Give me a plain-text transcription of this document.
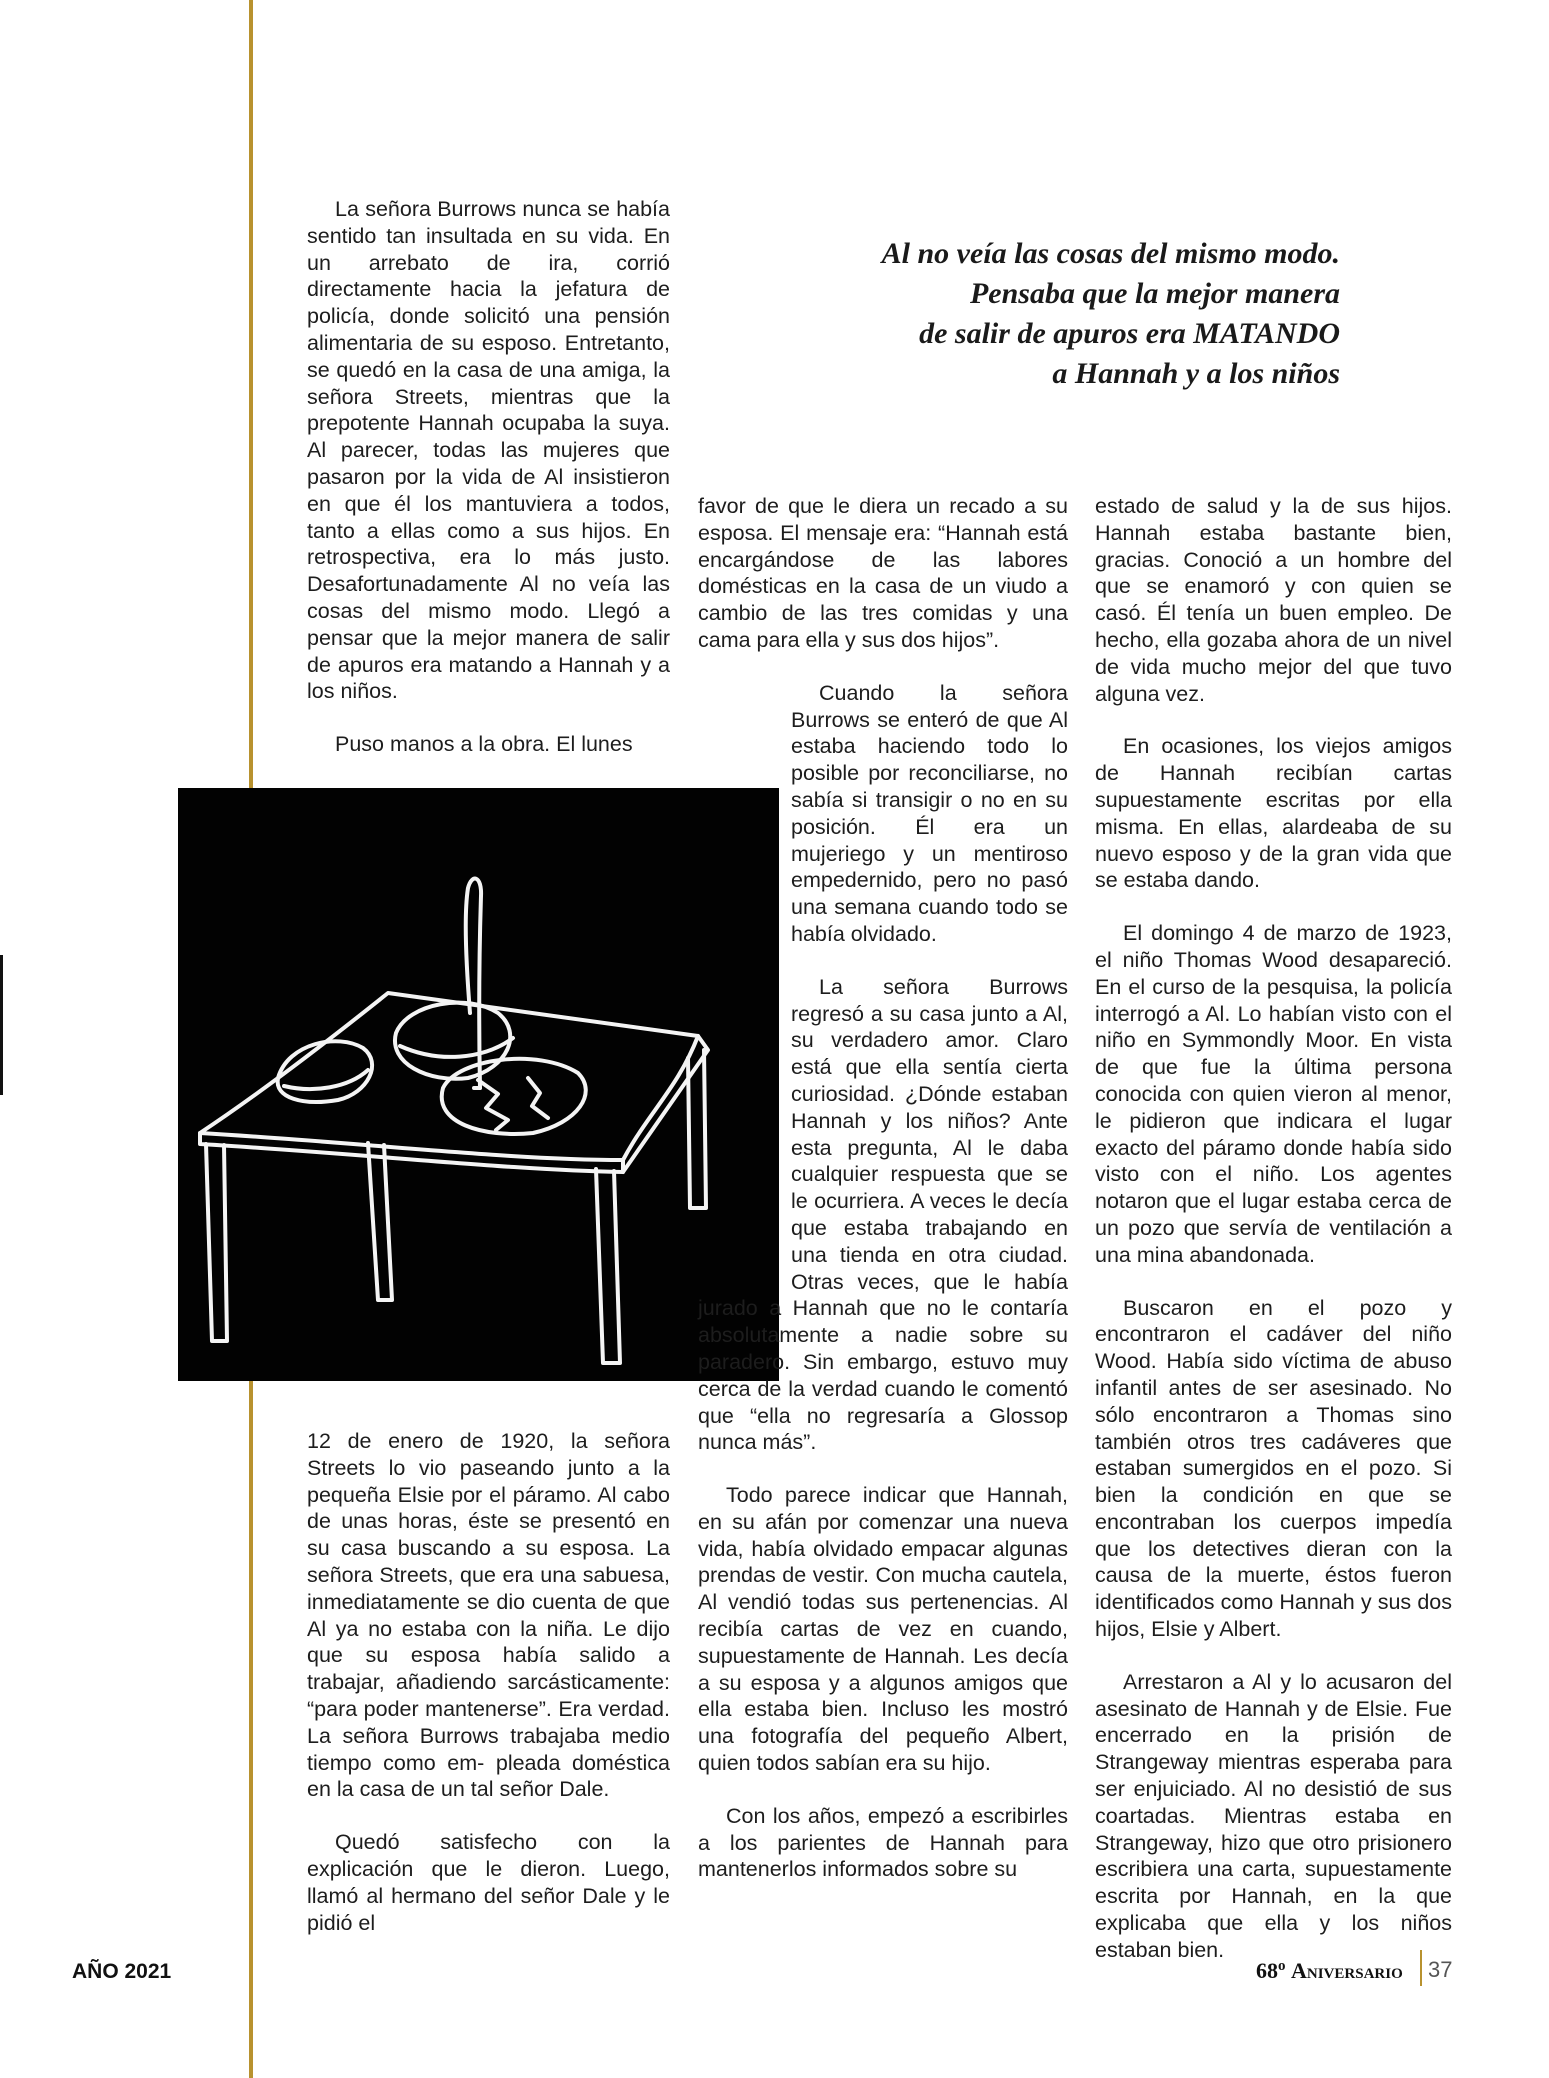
La señora Burrows nunca se había sentido tan insultada en su vida. En un arrebato de ira, corrió directamente hacia la jefatura de policía, donde solicitó una pensión alimentaria de su esposo. Entretanto, se quedó en la casa de una amiga, la señora Streets, mientras que la prepotente Hannah ocupaba la suya. Al parecer, todas las mujeres que pasaron por la vida de Al insistieron en que él los mantuviera a todos, tanto a ellas como a sus hijos. En retrospectiva, era lo más justo. Desafortunadamente Al no veía las cosas del mismo modo. Llegó a pensar que la mejor manera de salir de apuros era matando a Hannah y a los niños.

Puso manos a la obra. El lunes

12 de enero de 1920, la señora Streets lo vio paseando junto a la pequeña Elsie por el páramo. Al cabo de unas horas, éste se presentó en su casa buscando a su esposa. La señora Streets, que era una sabuesa, inmediatamente se dio cuenta de que Al ya no estaba con la niña. Le dijo que su esposa había salido a trabajar, añadiendo sarcásticamente: “para poder mantenerse”. Era verdad. La señora Burrows trabajaba medio tiempo como em- pleada doméstica en la casa de un tal señor Dale.

Quedó satisfecho con la explicación que le dieron. Luego, llamó al hermano del señor Dale y le pidió el

Al no veía las cosas del mismo modo.
Pensaba que la mejor manera
de salir de apuros era MATANDO
a Hannah y a los niños

favor de que le diera un recado a su esposa. El mensaje era: “Hannah está encargándose de las labores domésticas en la casa de un viudo a cambio de las tres comidas y una cama para ella y sus dos hijos”.

Cuando la señora Burrows se enteró de que Al estaba haciendo todo lo posible por reconciliarse, no sabía si transigir o no en su posición. Él era un mujeriego y un mentiroso empedernido, pero no pasó una semana cuando todo se había olvidado.

La señora Burrows regresó a su casa junto a Al, su verdadero amor. Claro está que ella sentía cierta curiosidad. ¿Dónde estaban Hannah y los niños? Ante esta pregunta, Al le daba cualquier respuesta que se le ocurriera. A veces le decía que estaba trabajando en una tienda en otra ciudad. Otras veces, que le había jurado a Hannah que no le contaría absolutamente a nadie sobre su paradero. Sin embargo, estuvo muy cerca de la verdad cuando le comentó que “ella no regresaría a Glossop nunca más”.

Todo parece indicar que Hannah, en su afán por comenzar una nueva vida, había olvidado empacar algunas prendas de vestir. Con mucha cautela, Al vendió todas sus pertenencias. Al recibía cartas de vez en cuando, supuestamente de Hannah. Les decía a su esposa y a algunos amigos que ella estaba bien. Incluso les mostró una fotografía del pequeño Albert, quien todos sabían era su hijo.

Con los años, empezó a escribirles a los parientes de Hannah para mantenerlos informados sobre su

estado de salud y la de sus hijos. Hannah estaba bastante bien, gracias. Conoció a un hombre del que se enamoró y con quien se casó. Él tenía un buen empleo. De hecho, ella gozaba ahora de un nivel de vida mucho mejor del que tuvo alguna vez.

En ocasiones, los viejos amigos de Hannah recibían cartas supuestamente escritas por ella misma. En ellas, alardeaba de su nuevo esposo y de la gran vida que se estaba dando.

El domingo 4 de marzo de 1923, el niño Thomas Wood desapareció. En el curso de la pesquisa, la policía interrogó a Al. Lo habían visto con el niño en Symmondly Moor. En vista de que fue la última persona conocida con quien vieron al menor, le pidieron que indicara el lugar exacto del páramo donde había sido visto con el niño. Los agentes notaron que el lugar estaba cerca de un pozo que servía de ventilación a una mina abandonada.

Buscaron en el pozo y encontraron el cadáver del niño Wood. Había sido víctima de abuso infantil antes de ser asesinado. No sólo encontraron a Thomas sino también otros tres cadáveres que estaban sumergidos en el pozo. Si bien la condición en que se encontraban los cuerpos impedía que los detectives dieran con la causa de la muerte, éstos fueron identificados como Hannah y sus dos hijos, Elsie y Albert.

Arrestaron a Al y lo acusaron del asesinato de Hannah y de Elsie. Fue encerrado en la prisión de Strangeway mientras esperaba para ser enjuiciado. Al no desistió de sus coartadas. Mientras estaba en Strangeway, hizo que otro prisionero escribiera una carta, supuestamente escrita por Hannah, en la que explicaba que ella y los niños estaban bien.

AÑO 2021	68$^o$ Aniversario 37
